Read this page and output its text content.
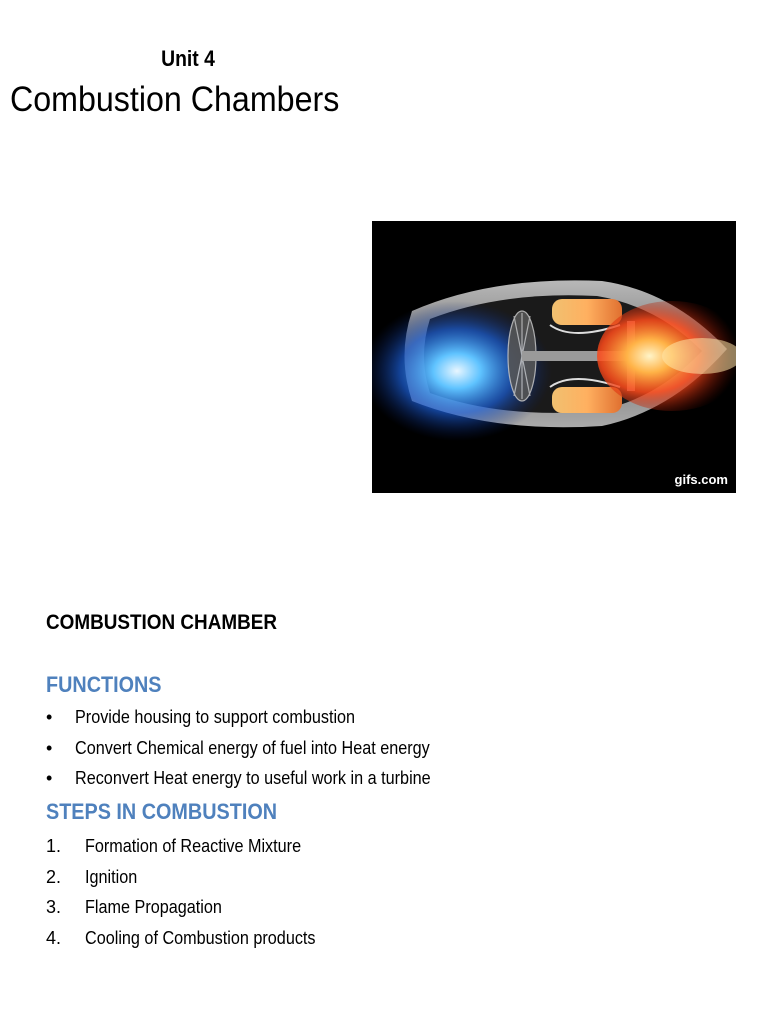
Unit 4
Combustion Chambers
gifs.com
COMBUSTION CHAMBER
FUNCTIONS
• Provide housing to support combustion
• Convert Chemical energy of fuel into Heat energy
• Reconvert Heat energy to useful work in a turbine
STEPS IN COMBUSTION
1. Formation of Reactive Mixture
2. Ignition
3. Flame Propagation
4. Cooling of Combustion products
